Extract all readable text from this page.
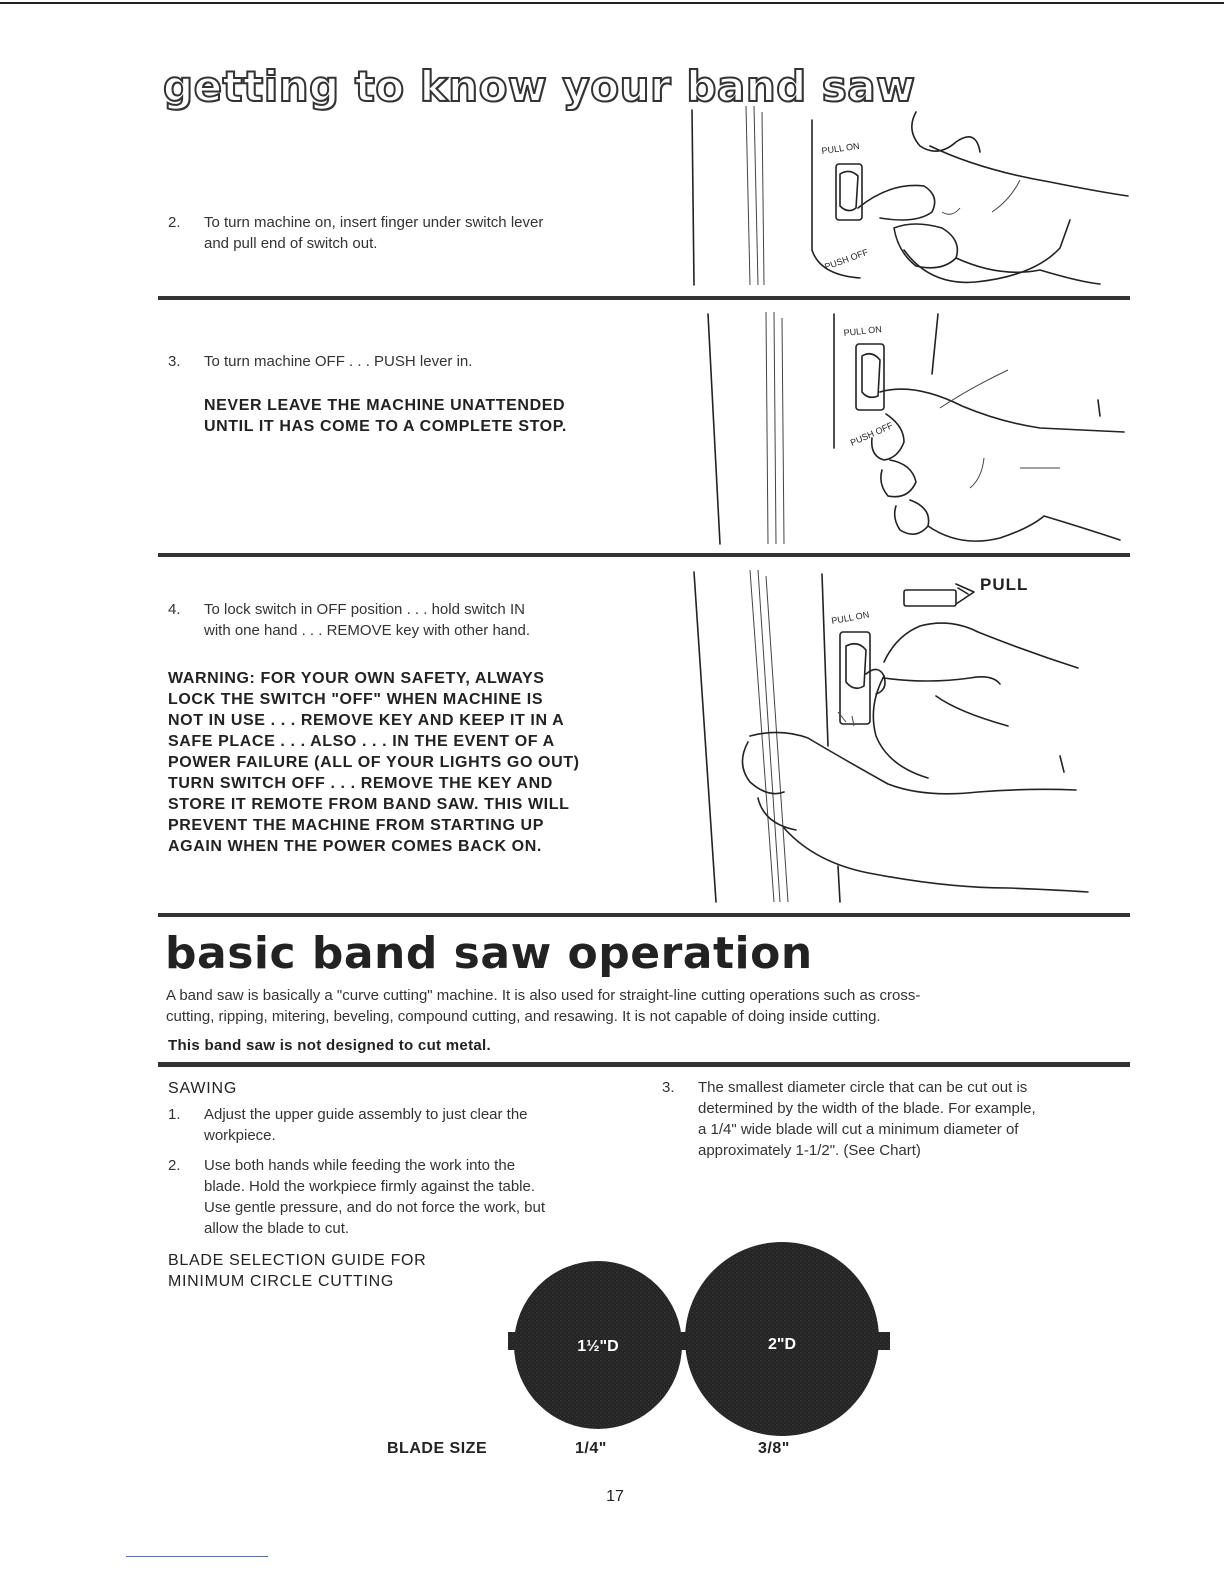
getting to know your band saw
2. To turn machine on, insert finger under switch lever
and pull end of switch out.
3. To turn machine OFF . . . PUSH lever in.
NEVER LEAVE THE MACHINE UNATTENDED
UNTIL IT HAS COME TO A COMPLETE STOP.
4. To lock switch in OFF position . . . hold switch IN
with one hand . . . REMOVE key with other hand.
WARNING: FOR YOUR OWN SAFETY, ALWAYS
LOCK THE SWITCH "OFF" WHEN MACHINE IS
NOT IN USE . . . REMOVE KEY AND KEEP IT IN A
SAFE PLACE . . . ALSO . . . IN THE EVENT OF A
POWER FAILURE (ALL OF YOUR LIGHTS GO OUT)
TURN SWITCH OFF . . . REMOVE THE KEY AND
STORE IT REMOTE FROM BAND SAW. THIS WILL
PREVENT THE MACHINE FROM STARTING UP
AGAIN WHEN THE POWER COMES BACK ON.
PULL ON
PUSH OFF
PULL ON
PUSH OFF
PULL
PULL ON
basic band saw operation
A band saw is basically a "curve cutting" machine. It is also used for straight-line cutting operations such as cross-
cutting, ripping, mitering, beveling, compound cutting, and resawing. It is not capable of doing inside cutting.
This band saw is not designed to cut metal.
SAWING
1. Adjust the upper guide assembly to just clear the
workpiece.
2. Use both hands while feeding the work into the
blade. Hold the workpiece firmly against the table.
Use gentle pressure, and do not force the work, but
allow the blade to cut.
3. The smallest diameter circle that can be cut out is
determined by the width of the blade. For example,
a 1/4" wide blade will cut a minimum diameter of
approximately 1-1/2". (See Chart)
BLADE SELECTION GUIDE FOR
MINIMUM CIRCLE CUTTING
1½"D	2"D
BLADE SIZE	1/4"	3/8"
17
